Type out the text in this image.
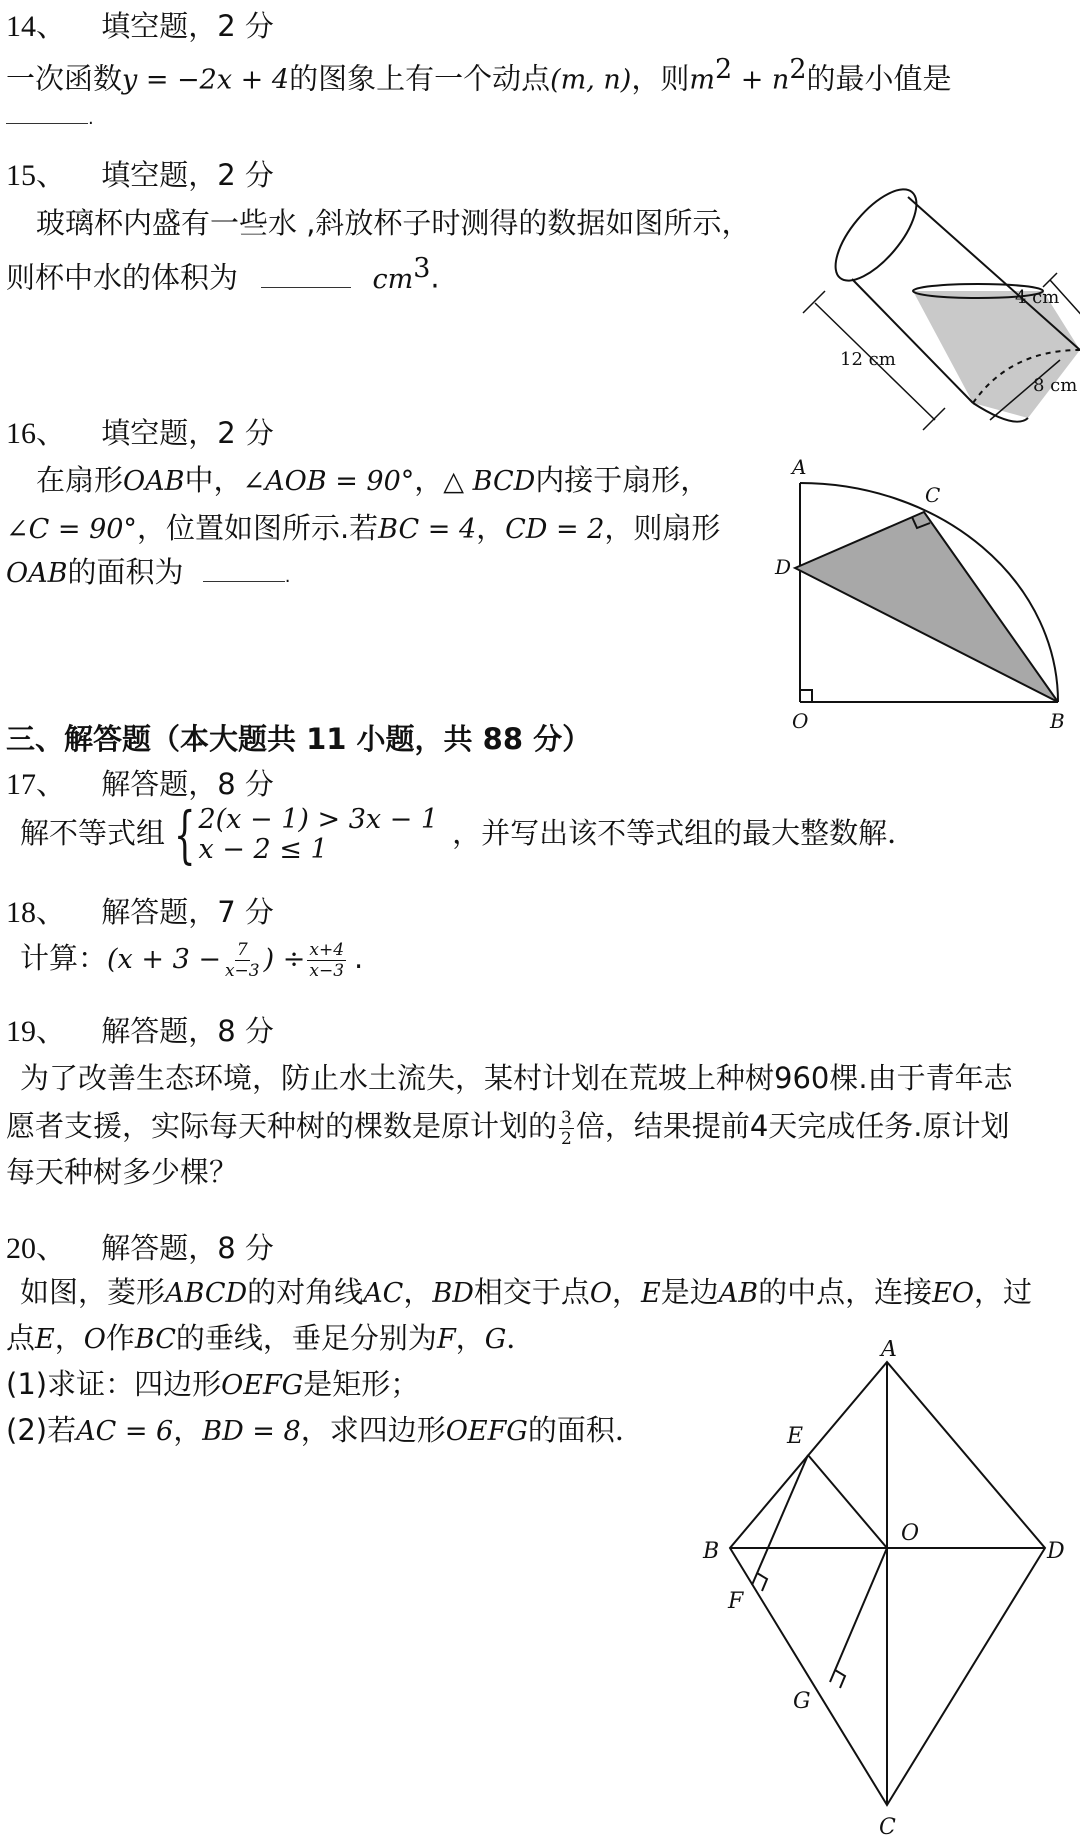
14、 填空题，2 分
一次函数y = −2x + 4的图象上有一个动点(m, n)，则$m^2 + n^2$的最小值是
.
15、 填空题，2 分
玻璃杯内盛有一些水 ,斜放杯子时测得的数据如图所示，
则杯中水的体积为	$cm^3$.
4 cm
12 cm
8 cm
16、 填空题，2 分
在扇形OAB中，∠AOB = 90°，△ BCD内接于扇形，
∠C = 90°，位置如图所示.若BC = 4，CD = 2，则扇形
OAB的面积为	.
A
C
D
O	B
三、解答题（本大题共 11 小题，共 88 分）
17、 解答题，8 分
解不等式组 { 2(x − 1) > 3x − 1
x − 2 ≤ 1	，并写出该不等式组的最大整数解．
18、 解答题，7 分
计算：($x + 3 - \frac{7}{x-3}$ ) ÷ $\frac{x+4}{x-3}$ .
19、 解答题，8 分
为了改善生态环境，防止水土流失，某村计划在荒坡上种树960棵.由于青年志
愿者支援，实际每天种树的棵数是原计划的 $\frac{3}{2}$ 倍，结果提前4天完成任务.原计划
每天种树多少棵？
20、 解答题，8 分
如图，菱形ABCD的对角线AC，BD相交于点O，E是边AB的中点，连接EO，过
点E，O作BC的垂线，垂足分别为F，G．
(1)求证：四边形OEFG是矩形；
(2)若AC = 6，BD = 8，求四边形OEFG的面积．
A
E
B
O
D
F
G
C
